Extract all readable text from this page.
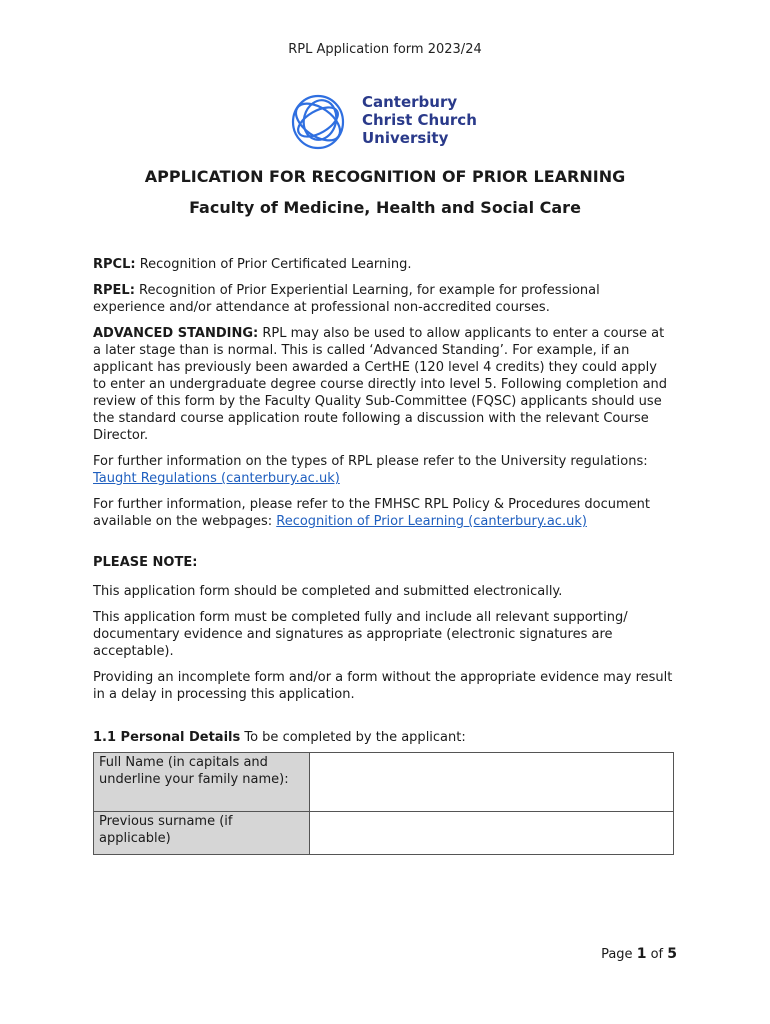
RPL Application form 2023/24
Canterbury
Christ Church
University
APPLICATION FOR RECOGNITION OF PRIOR LEARNING
Faculty of Medicine, Health and Social Care

RPCL: Recognition of Prior Certificated Learning.

RPEL: Recognition of Prior Experiential Learning, for example for professional experience and/or attendance at professional non-accredited courses.

ADVANCED STANDING: RPL may also be used to allow applicants to enter a course at a later stage than is normal. This is called ‘Advanced Standing’. For example, if an applicant has previously been awarded a CertHE (120 level 4 credits) they could apply to enter an undergraduate degree course directly into level 5. Following completion and review of this form by the Faculty Quality Sub-Committee (FQSC) applicants should use the standard course application route following a discussion with the relevant Course Director.

For further information on the types of RPL please refer to the University regulations:
Taught Regulations (canterbury.ac.uk)

For further information, please refer to the FMHSC RPL Policy & Procedures document available on the webpages: Recognition of Prior Learning (canterbury.ac.uk)

PLEASE NOTE:

This application form should be completed and submitted electronically.

This application form must be completed fully and include all relevant supporting/ documentary evidence and signatures as appropriate (electronic signatures are acceptable).

Providing an incomplete form and/or a form without the appropriate evidence may result in a delay in processing this application.

1.1 Personal Details To be completed by the applicant:

Full Name (in capitals and underline your family name):	
Previous surname (if applicable)	
Page 1 of 5
